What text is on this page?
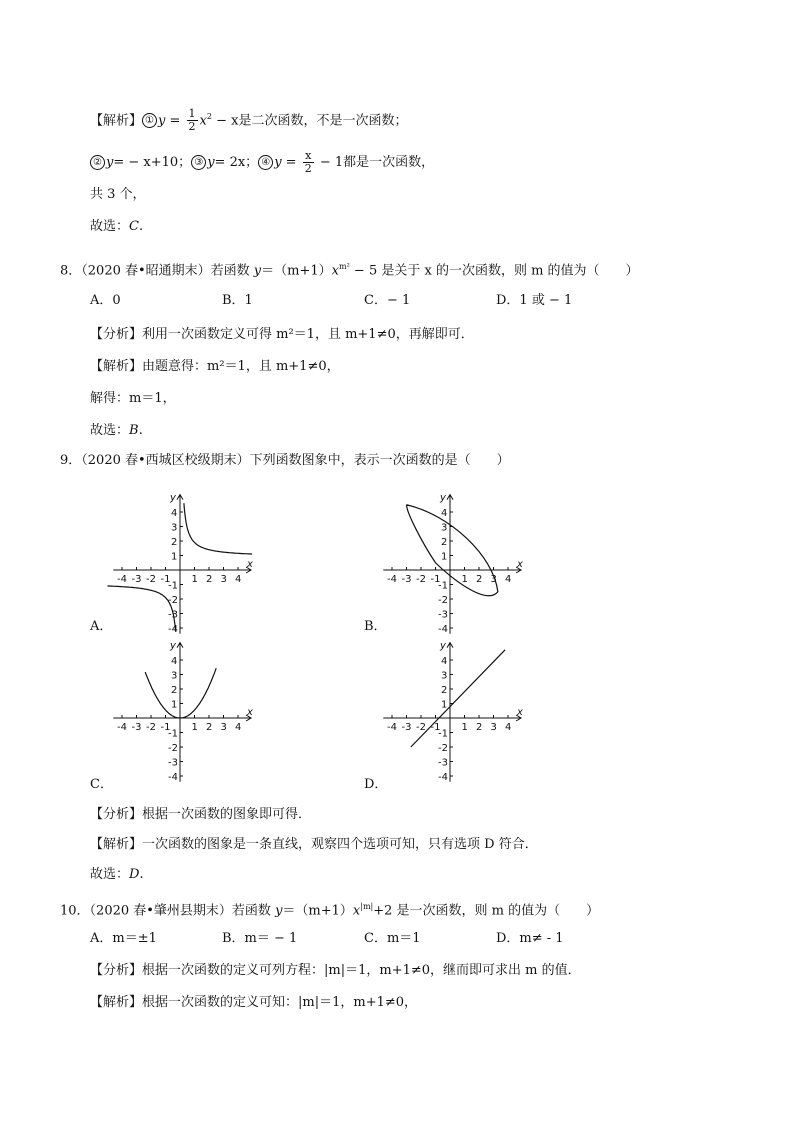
【解析】 ① $y = \frac{1}{2} x^2 - x$是二次函数，不是一次函数；
② y= − x+10； ③ y= 2x； ④ $y = \frac{x}{2} - 1$都是一次函数，
共 3 个，
故选：C.
8．（2020 春•昭通期末）若函数 $y=(m+1)x^{m^2} - 5$ 是关于 x 的一次函数，则 m 的值为（　　）
A．0	B．1	C．− 1	D．1 或 − 1
【分析】利用一次函数定义可得 m²＝1，且 m+1≠0，再解即可．
【解析】由题意得：m²＝1，且 m+1≠0，
解得：m＝1，
故选：B.
9．（2020 春•西城区校级期末）下列函数图象中，表示一次函数的是（　　）
-4 -3 -2 -1 1 2 3 4
4
3
2
1
-1
-2
-3
-4
x
y
-4 -3 -2 -1 1 2 3 4
4
3
2
1
-1
-2
-3
-4
x
y
-4 -3 -2 -1 1 2 3 4
4
3
2
1
-1
-2
-3
-4
x
y
-4 -3 -2 -1 1 2 3 4
4
3
2
1
-1
-2
-3
-4
x
y
A．	B．
C．	D．
【分析】根据一次函数的图象即可得．
【解析】一次函数的图象是一条直线，观察四个选项可知，只有选项 D 符合．
故选：D.
10．（2020 春•肇州县期末）若函数 $y=(m+1)x^{|m|}+2$ 是一次函数，则 m 的值为（　　）
A．m＝±1	B．m＝ − 1	C．m＝1	D．m≠ - 1
【分析】根据一次函数的定义可列方程：|m|＝1，m+1≠0，继而即可求出 m 的值．
【解析】根据一次函数的定义可知：|m|＝1，m+1≠0，
